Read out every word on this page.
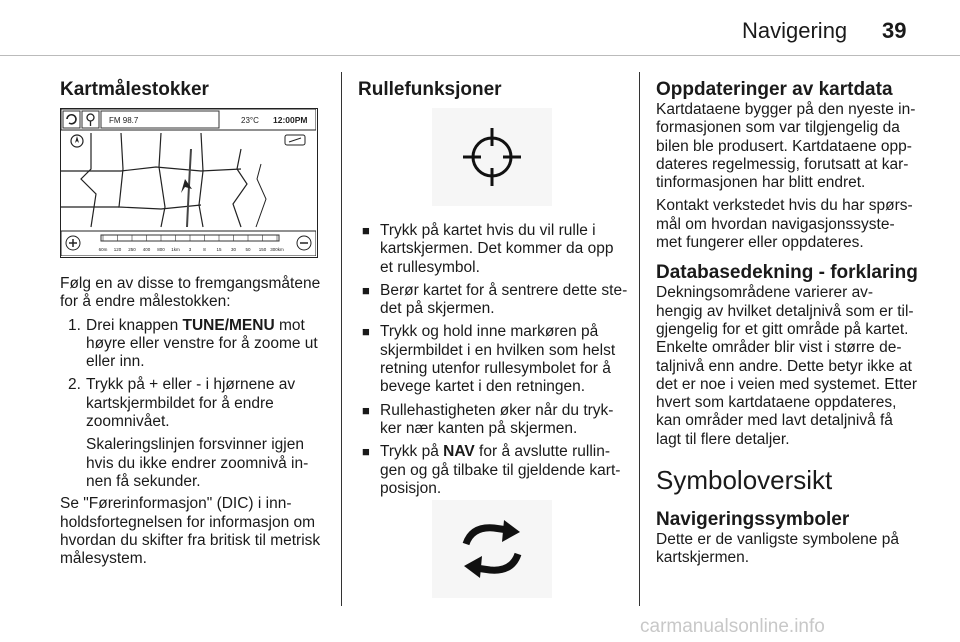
Navigering 39
Kartmålestokker
FM 98.7	23°C 12:00PM
60m 120 250 400 800 1km 3	8 15 30 50 150 300km

Følg en av disse to fremgangsmåtene

for å endre målestokken:

1. Drei knappen TUNE/MENU mot

høyre eller venstre for å zoome ut

eller inn.

2. Trykk på + eller - i hjørnene av

kartskjermbildet for å endre

zoomnivået.

Skaleringslinjen forsvinner igjen

hvis du ikke endrer zoomnivå in‐

nen få sekunder.

Se "Førerinformasjon" (DIC) i inn‐

holdsfortegnelsen for informasjon om

hvordan du skifter fra britisk til metrisk

målesystem.

Rullefunksjoner
■ Trykk på kartet hvis du vil rulle i

kartskjermen. Det kommer da opp

et rullesymbol.

■ Berør kartet for å sentrere dette ste‐

det på skjermen.

■ Trykk og hold inne markøren på

skjermbildet i en hvilken som helst

retning utenfor rullesymbolet for å

bevege kartet i den retningen.

■ Rullehastigheten øker når du tryk‐

ker nær kanten på skjermen.

■ Trykk på NAV for å avslutte rullin‐

gen og gå tilbake til gjeldende kart‐

posisjon.

Oppdateringer av kartdata

Kartdataene bygger på den nyeste in‐

formasjonen som var tilgjengelig da

bilen ble produsert. Kartdataene opp‐

dateres regelmessig, forutsatt at kar‐

tinformasjonen har blitt endret.

Kontakt verkstedet hvis du har spørs‐

mål om hvordan navigasjonssyste‐

met fungerer eller oppdateres.

Databasedekning - forklaring

Dekningsområdene varierer av‐

hengig av hvilket detaljnivå som er til‐

gjengelig for et gitt område på kartet.

Enkelte områder blir vist i større de‐

taljnivå enn andre. Dette betyr ikke at

det er noe i veien med systemet. Etter

hvert som kartdataene oppdateres,

kan områder med lavt detaljnivå få

lagt til flere detaljer.

Symboloversikt
Navigeringssymboler

Dette er de vanligste symbolene på

kartskjermen.

carmanualsonline.info
